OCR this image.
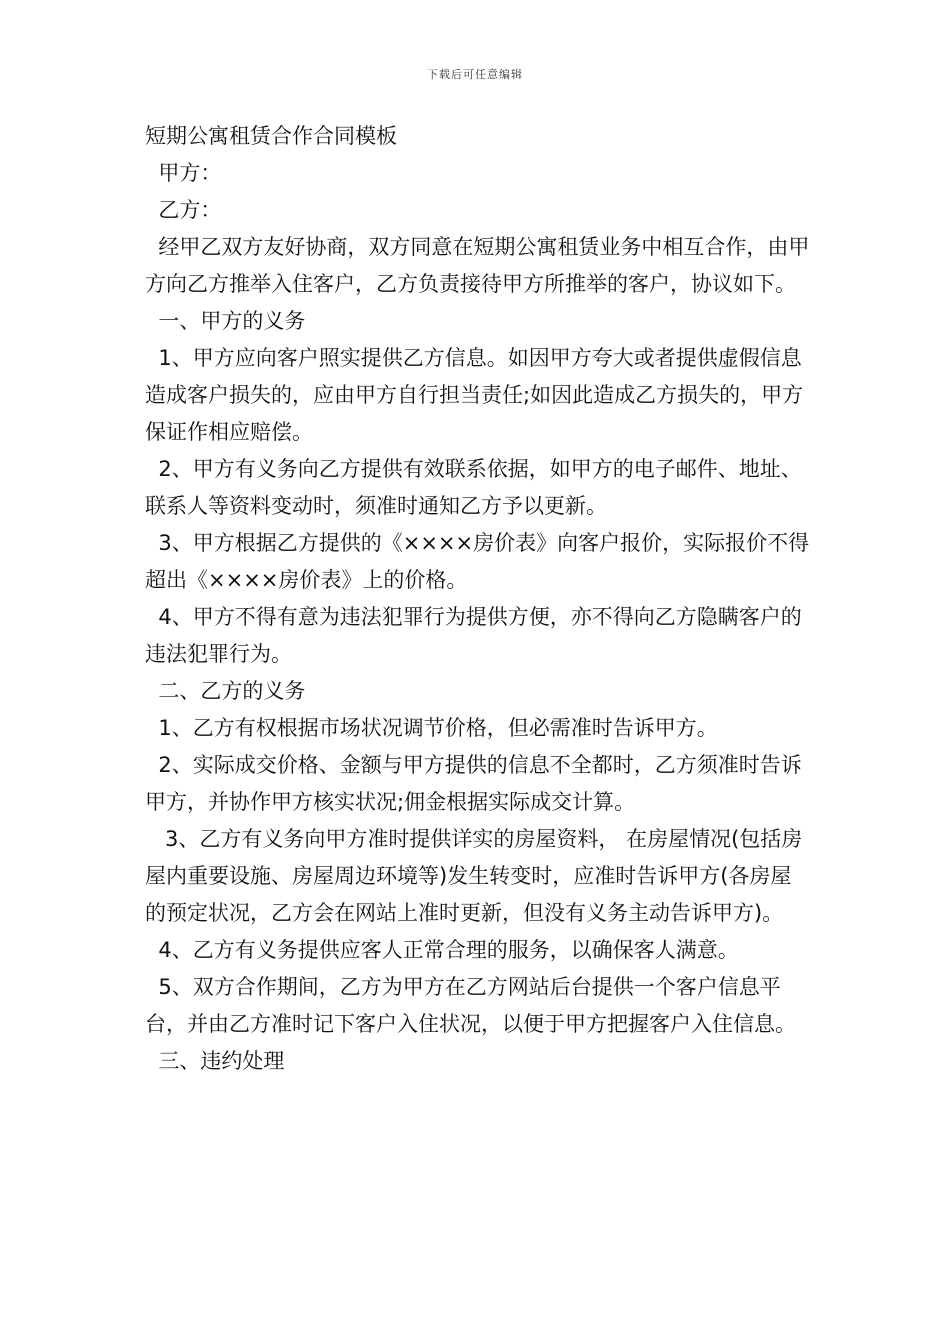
下载后可任意编辑

短期公寓租赁合作合同模板

甲方：

乙方：

经甲乙双方友好协商，双方同意在短期公寓租赁业务中相互合作，由甲方向乙方推举入住客户，乙方负责接待甲方所推举的客户，协议如下。

一、甲方的义务

1、甲方应向客户照实提供乙方信息。如因甲方夸大或者提供虚假信息造成客户损失的，应由甲方自行担当责任;如因此造成乙方损失的，甲方保证作相应赔偿。

2、甲方有义务向乙方提供有效联系依据，如甲方的电子邮件、地址、联系人等资料变动时，须准时通知乙方予以更新。

3、甲方根据乙方提供的《××××房价表》向客户报价，实际报价不得超出《××××房价表》上的价格。

4、甲方不得有意为违法犯罪行为提供方便，亦不得向乙方隐瞒客户的违法犯罪行为。

二、乙方的义务

1、乙方有权根据市场状况调节价格，但必需准时告诉甲方。

2、实际成交价格、金额与甲方提供的信息不全都时，乙方须准时告诉甲方，并协作甲方核实状况;佣金根据实际成交计算。

3、乙方有义务向甲方准时提供详实的房屋资料， 在房屋情况(包括房屋内重要设施、房屋周边环境等)发生转变时，应准时告诉甲方(各房屋的预定状况，乙方会在网站上准时更新，但没有义务主动告诉甲方)。

4、乙方有义务提供应客人正常合理的服务，以确保客人满意。

5、双方合作期间，乙方为甲方在乙方网站后台提供一个客户信息平台，并由乙方准时记下客户入住状况，以便于甲方把握客户入住信息。

三、违约处理
